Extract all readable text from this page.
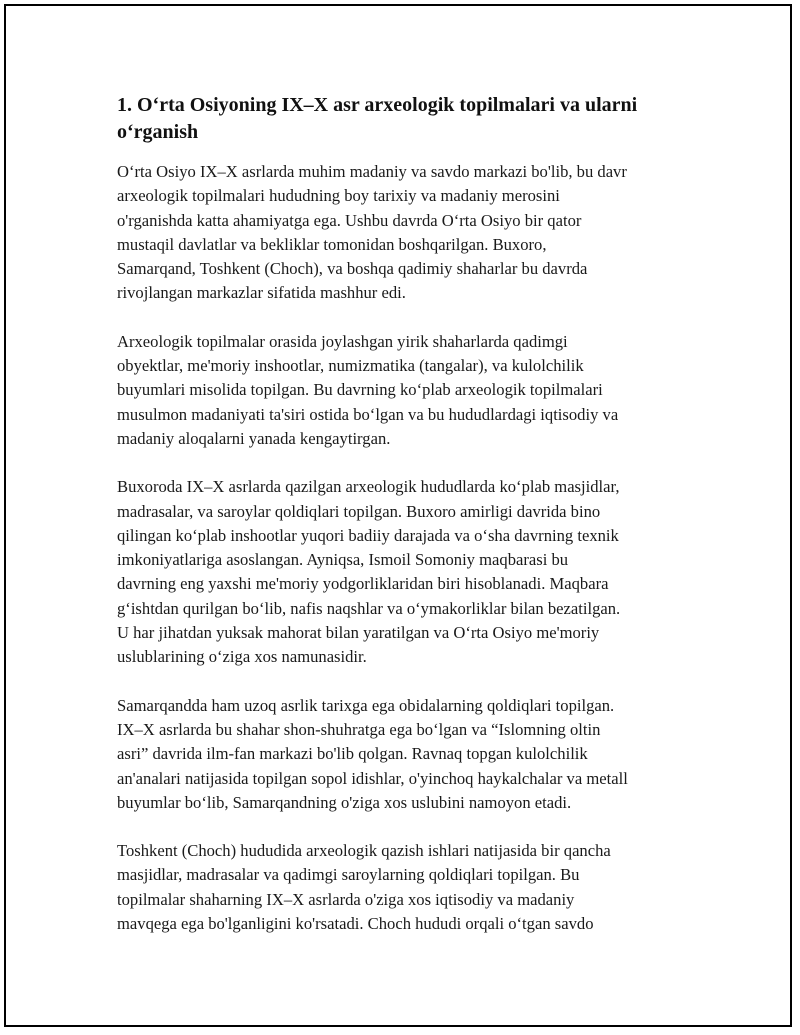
1. O‘rta Osiyoning IX–X asr arxeologik topilmalari va ularni
o‘rganish

O‘rta Osiyo IX–X asrlarda muhim madaniy va savdo markazi bo'lib, bu davr
arxeologik topilmalari hududning boy tarixiy va madaniy merosini
o'rganishda katta ahamiyatga ega. Ushbu davrda O‘rta Osiyo bir qator
mustaqil davlatlar va bekliklar tomonidan boshqarilgan. Buxoro,
Samarqand, Toshkent (Choch), va boshqa qadimiy shaharlar bu davrda
rivojlangan markazlar sifatida mashhur edi.

Arxeologik topilmalar orasida joylashgan yirik shaharlarda qadimgi
obyektlar, me'moriy inshootlar, numizmatika (tangalar), va kulolchilik
buyumlari misolida topilgan. Bu davrning ko‘plab arxeologik topilmalari
musulmon madaniyati ta'siri ostida bo‘lgan va bu hududlardagi iqtisodiy va
madaniy aloqalarni yanada kengaytirgan.

Buxoroda IX–X asrlarda qazilgan arxeologik hududlarda ko‘plab masjidlar,
madrasalar, va saroylar qoldiqlari topilgan. Buxoro amirligi davrida bino
qilingan ko‘plab inshootlar yuqori badiiy darajada va o‘sha davrning texnik
imkoniyatlariga asoslangan. Ayniqsa, Ismoil Somoniy maqbarasi bu
davrning eng yaxshi me'moriy yodgorliklaridan biri hisoblanadi. Maqbara
g‘ishtdan qurilgan bo‘lib, nafis naqshlar va o‘ymakorliklar bilan bezatilgan.
U har jihatdan yuksak mahorat bilan yaratilgan va O‘rta Osiyo me'moriy
uslublarining o‘ziga xos namunasidir.

Samarqandda ham uzoq asrlik tarixga ega obidalarning qoldiqlari topilgan.
IX–X asrlarda bu shahar shon-shuhratga ega bo‘lgan va “Islomning oltin
asri” davrida ilm-fan markazi bo'lib qolgan. Ravnaq topgan kulolchilik
an'analari natijasida topilgan sopol idishlar, o'yinchoq haykalchalar va metall
buyumlar bo‘lib, Samarqandning o'ziga xos uslubini namoyon etadi.

Toshkent (Choch) hududida arxeologik qazish ishlari natijasida bir qancha
masjidlar, madrasalar va qadimgi saroylarning qoldiqlari topilgan. Bu
topilmalar shaharning IX–X asrlarda o'ziga xos iqtisodiy va madaniy
mavqega ega bo'lganligini ko'rsatadi. Choch hududi orqali o‘tgan savdo
